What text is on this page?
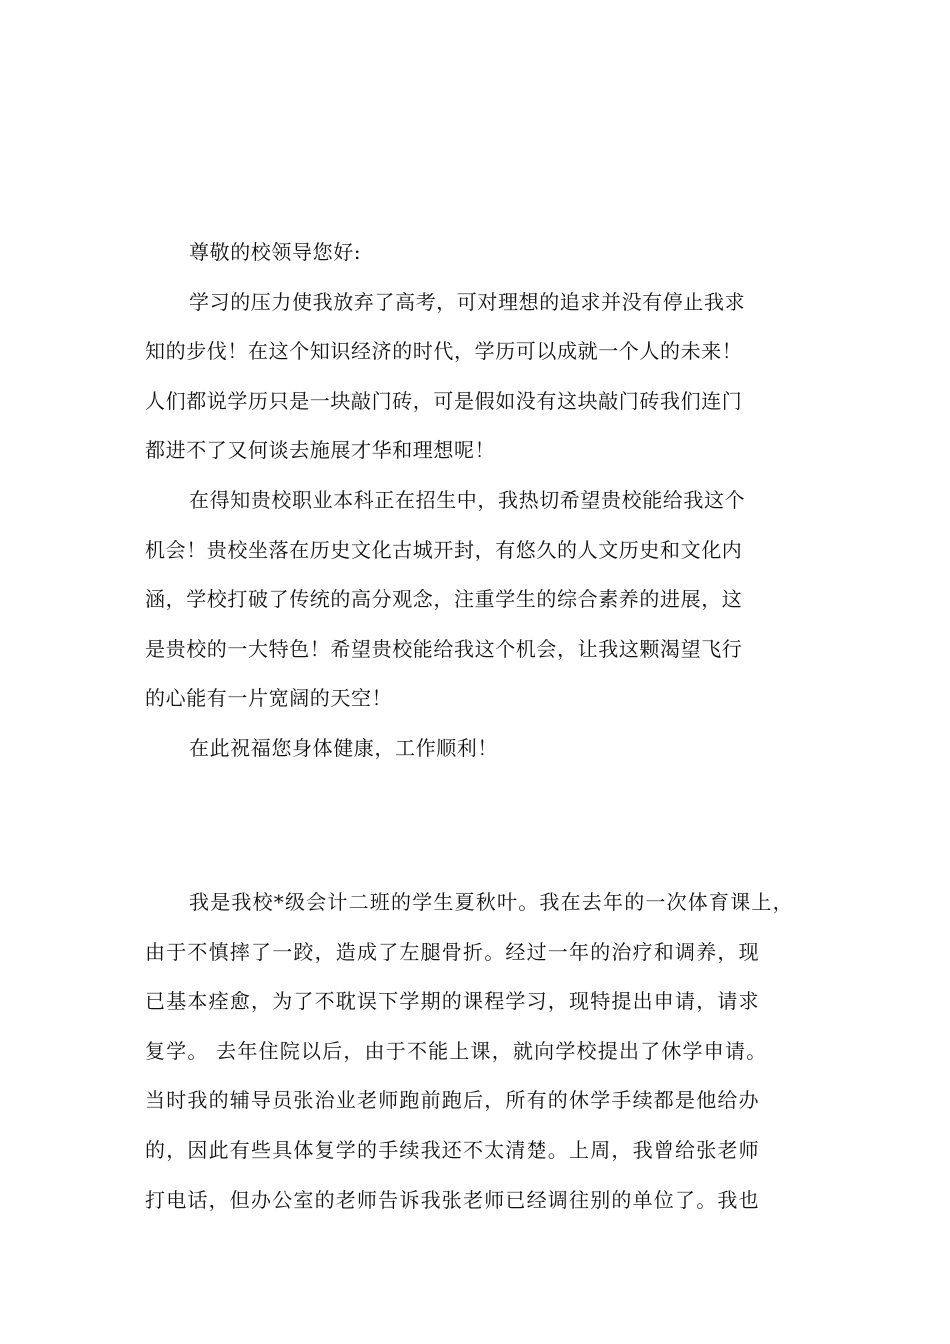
尊敬的校领导您好:
学习的压力使我放弃了高考，可对理想的追求并没有停止我求
知的步伐！在这个知识经济的时代，学历可以成就一个人的未来！
人们都说学历只是一块敲门砖，可是假如没有这块敲门砖我们连门
都进不了又何谈去施展才华和理想呢！
在得知贵校职业本科正在招生中，我热切希望贵校能给我这个
机会！贵校坐落在历史文化古城开封，有悠久的人文历史和文化内
涵，学校打破了传统的高分观念，注重学生的综合素养的进展，这
是贵校的一大特色！希望贵校能给我这个机会，让我这颗渴望飞行
的心能有一片宽阔的天空！
在此祝福您身体健康，工作顺利！
我是我校*级会计二班的学生夏秋叶。我在去年的一次体育课上，
由于不慎摔了一跤，造成了左腿骨折。经过一年的治疗和调养，现
已基本痊愈，为了不耽误下学期的课程学习，现特提出申请，请求
复学。 去年住院以后，由于不能上课，就向学校提出了休学申请。
当时我的辅导员张治业老师跑前跑后，所有的休学手续都是他给办
的，因此有些具体复学的手续我还不太清楚。上周，我曾给张老师
打电话，但办公室的老师告诉我张老师已经调往别的单位了。我也
